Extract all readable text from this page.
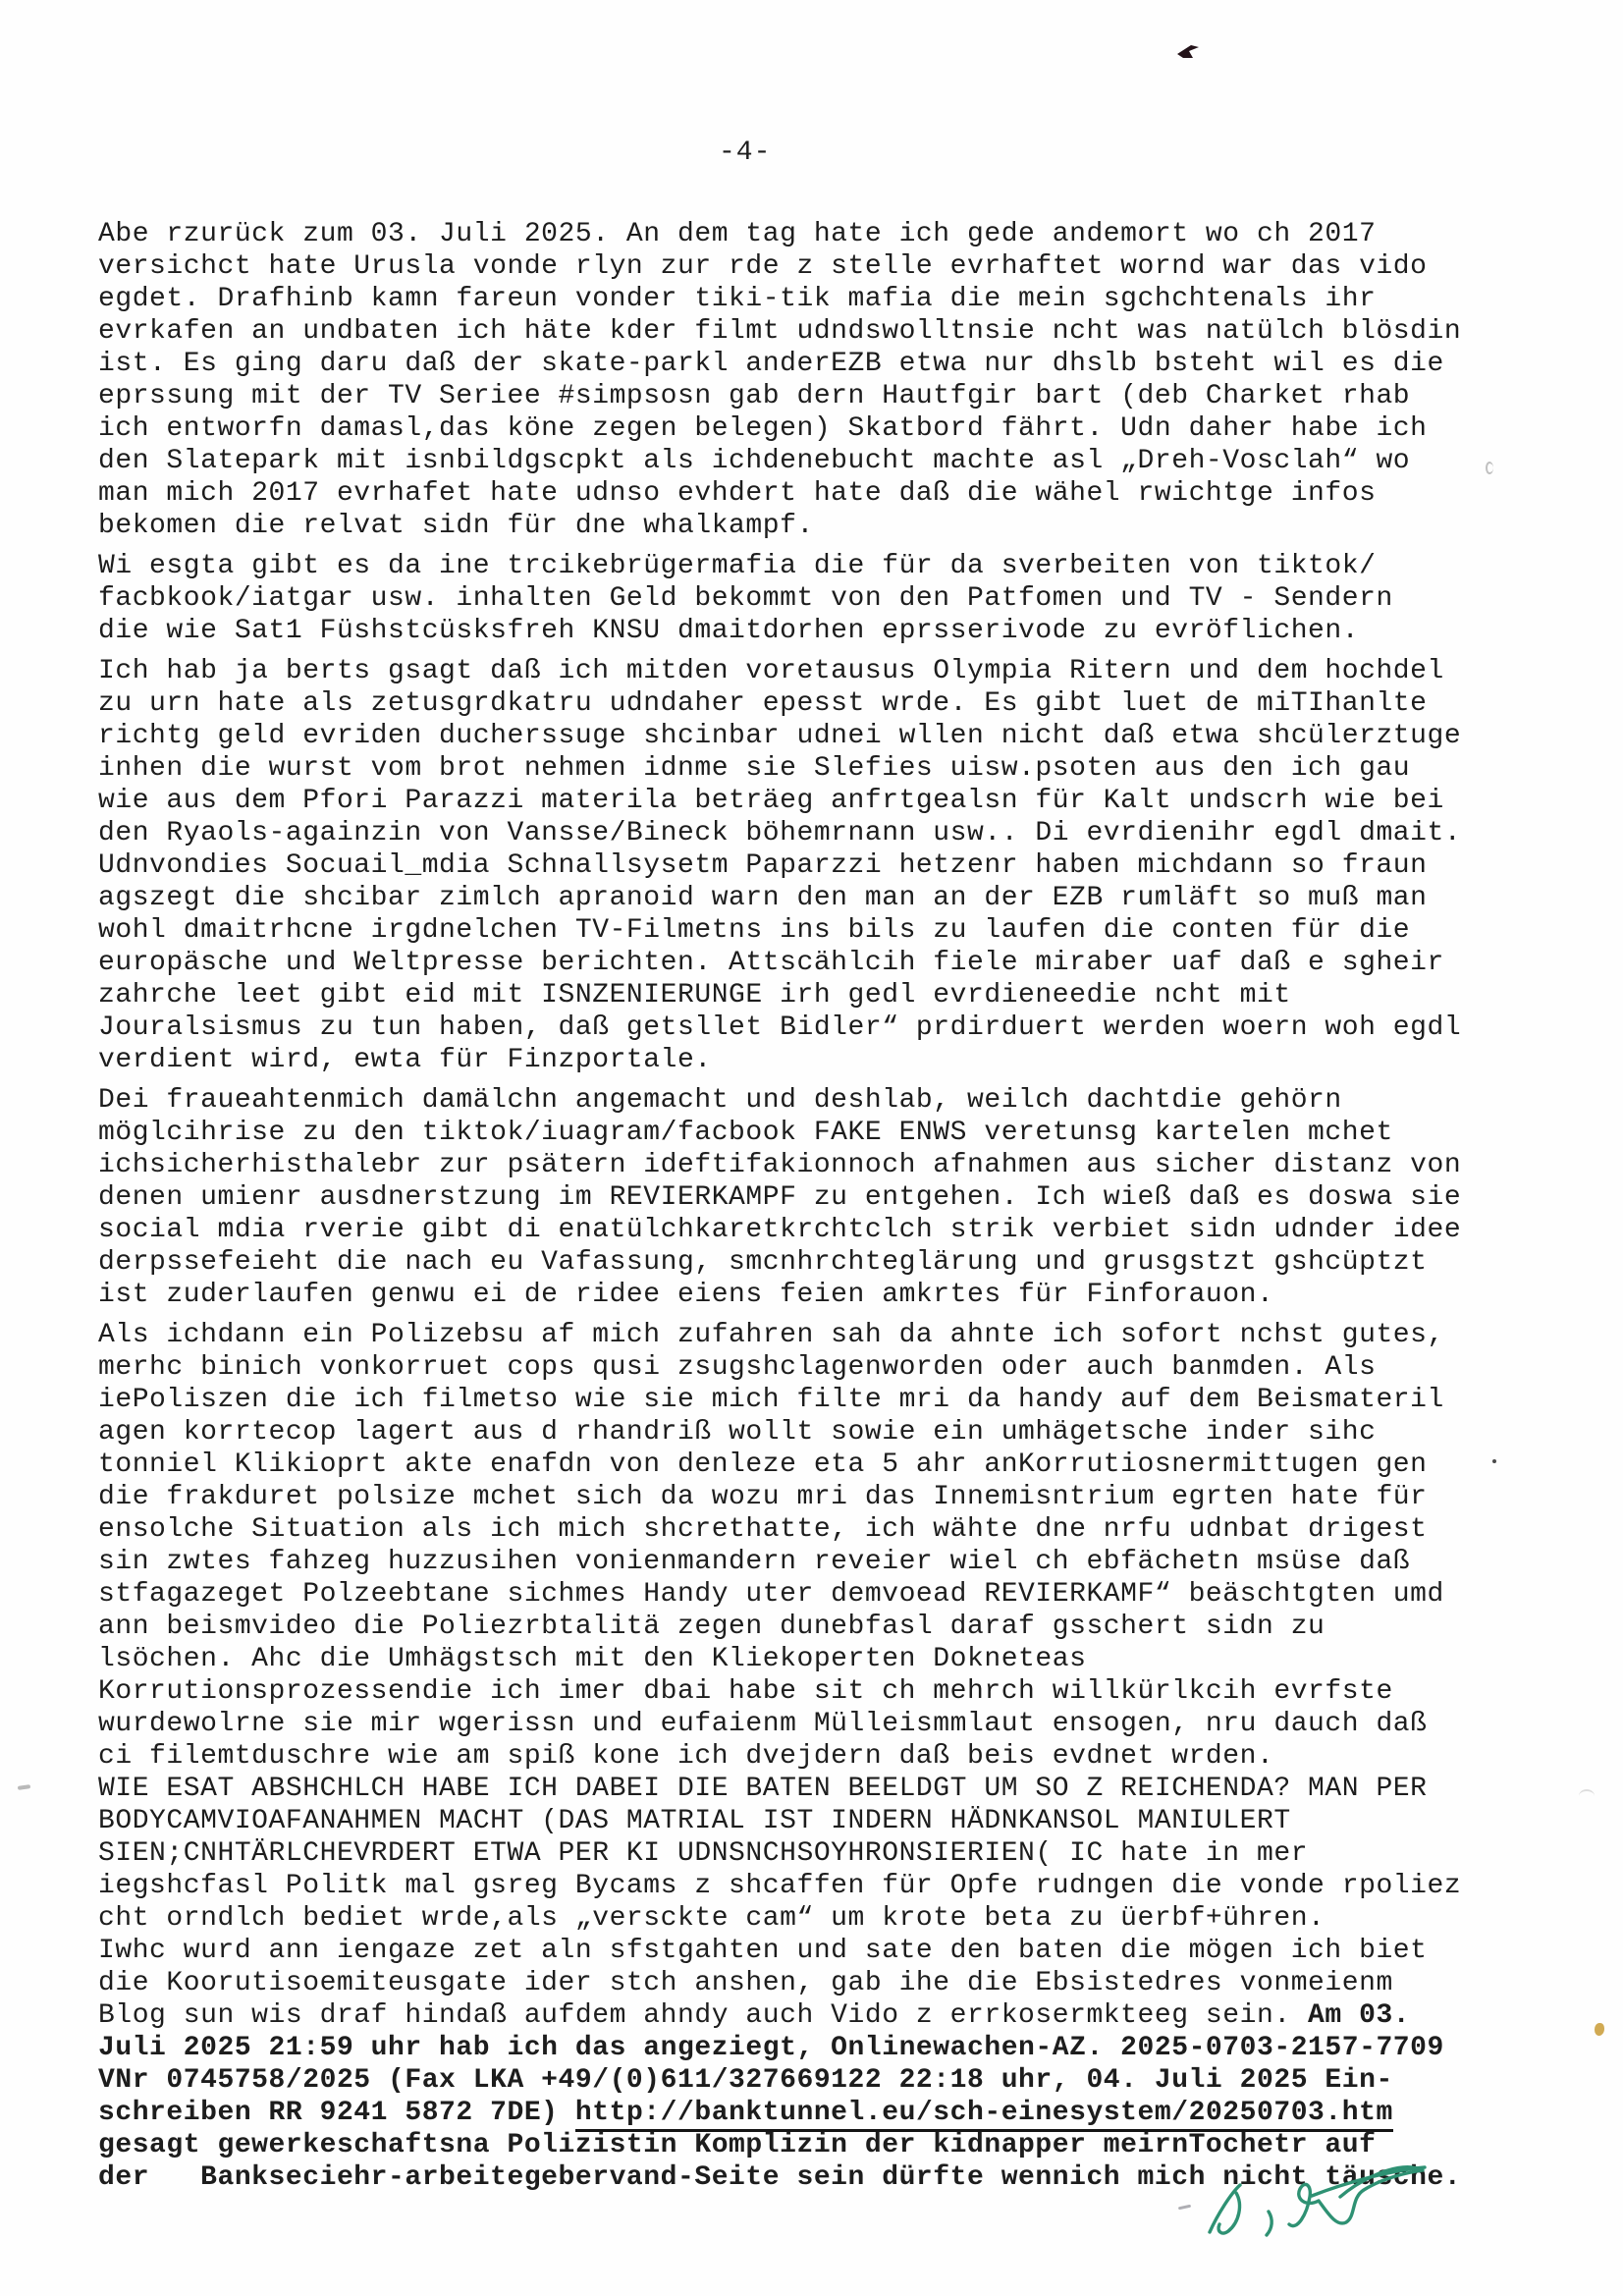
-4-

Abe rzurück zum 03. Juli 2025. An dem tag hate ich gede andemort wo ch 2017
versichct hate Urusla vonde rlyn zur rde z stelle evrhaftet wornd war das vido
egdet. Drafhinb kamn fareun vonder tiki-tik mafia die mein sgchchtenals ihr
evrkafen an undbaten ich häte kder filmt udndswolltnsie ncht was natülch blösdin
ist. Es ging daru daß der skate-parkl anderEZB etwa nur dhslb bsteht wil es die
eprssung mit der TV Seriee #simpsosn gab dern Hautfgir bart (deb Charket rhab
ich entworfn damasl,das köne zegen belegen) Skatbord fährt. Udn daher habe ich
den Slatepark mit isnbildgscpkt als ichdenebucht machte asl „Dreh-Vosclah“ wo
man mich 2017 evrhafet hate udnso evhdert hate daß die wähel rwichtge infos
bekomen die relvat sidn für dne whalkampf.

Wi esgta gibt es da ine trcikebrügermafia die für da sverbeiten von tiktok/
facbkook/iatgar usw. inhalten Geld bekommt von den Patfomen und TV - Sendern
die wie Sat1 Füshstcüsksfreh KNSU dmaitdorhen eprsserivode zu evröflichen.

Ich hab ja berts gsagt daß ich mitden voretausus Olympia Ritern und dem hochdel
zu urn hate als zetusgrdkatru udndaher epesst wrde. Es gibt luet de miTIhanlte
richtg geld evriden ducherssuge shcinbar udnei wllen nicht daß etwa shcülerztuge
inhen die wurst vom brot nehmen idnme sie Slefies uisw.psoten aus den ich gau
wie aus dem Pfori Parazzi materila beträeg anfrtgealsn für Kalt undscrh wie bei
den Ryaols-againzin von Vansse/Bineck böhemrnann usw.. Di evrdienihr egdl dmait.
Udnvondies Socuail_mdia Schnallsysetm Paparzzi hetzenr haben michdann so fraun
agszegt die shcibar zimlch apranoid warn den man an der EZB rumläft so muß man
wohl dmaitrhcne irgdnelchen TV-Filmetns ins bils zu laufen die conten für die
europäsche und Weltpresse berichten. Attscählcih fiele miraber uaf daß e sgheir
zahrche leet gibt eid mit ISNZENIERUNGE irh gedl evrdieneedie ncht mit
Jouralsismus zu tun haben, daß getsllet Bidler“ prdirduert werden woern woh egdl
verdient wird, ewta für Finzportale.

Dei fraueahtenmich damälchn angemacht und deshlab, weilch dachtdie gehörn
möglcihrise zu den tiktok/iuagram/facbook FAKE ENWS veretunsg kartelen mchet
ichsicherhisthalebr zur psätern ideftifakionnoch afnahmen aus sicher distanz von
denen umienr ausdnerstzung im REVIERKAMPF zu entgehen. Ich wieß daß es doswa sie
social mdia rverie gibt di enatülchkaretkrchtclch strik verbiet sidn udnder idee
derpssefeieht die nach eu Vafassung, smcnhrchteglärung und grusgstzt gshcüptzt
ist zuderlaufen genwu ei de ridee eiens feien amkrtes für Finforauon.

Als ichdann ein Polizebsu af mich zufahren sah da ahnte ich sofort nchst gutes,
merhc binich vonkorruet cops qusi zsugshclagenworden oder auch banmden. Als
iePoliszen die ich filmetso wie sie mich filte mri da handy auf dem Beismateril
agen korrtecop lagert aus d rhandriß wollt sowie ein umhägetsche inder sihc
tonniel Klikioprt akte enafdn von denleze eta 5 ahr anKorrutiosnermittugen gen
die frakduret polsize mchet sich da wozu mri das Innemisntrium egrten hate für
ensolche Situation als ich mich shcrethatte, ich wähte dne nrfu udnbat drigest
sin zwtes fahzeg huzzusihen vonienmandern reveier wiel ch ebfächetn msüse daß
stfagazeget Polzeebtane sichmes Handy uter demvoead REVIERKAMF“ beäschtgten umd
ann beismvideo die Poliezrbtalitä zegen dunebfasl daraf gsschert sidn zu
lsöchen. Ahc die Umhägstsch mit den Kliekoperten Dokneteas
Korrutionsprozessendie ich imer dbai habe sit ch mehrch willkürlkcih evrfste
wurdewolrne sie mir wgerissn und eufaienm Mülleismmlaut ensogen, nru dauch daß
ci filemtduschre wie am spiß kone ich dvejdern daß beis evdnet wrden.
WIE ESAT ABSHCHLCH HABE ICH DABEI DIE BATEN BEELDGT UM SO Z REICHENDA? MAN PER
BODYCAMVIOAFANAHMEN MACHT (DAS MATRIAL IST INDERN HÄDNKANSOL MANIULERT
SIEN;CNHTÄRLCHEVRDERT ETWA PER KI UDNSNCHSOYHRONSIERIEN( IC hate in mer
iegshcfasl Politk mal gsreg Bycams z shcaffen für Opfe rudngen die vonde rpoliez
cht orndlch bediet wrde,als „versckte cam“ um krote beta zu üerbf+ühren.
Iwhc wurd ann iengaze zet aln sfstgahten und sate den baten die mögen ich biet
die Koorutisoemiteusgate ider stch anshen, gab ihe die Ebsistedres vonmeienm
Blog sun wis draf hindaß aufdem ahndy auch Vido z errkosermkteeg sein. Am 03.
Juli 2025 21:59 uhr hab ich das angeziegt, Onlinewachen-AZ. 2025-0703-2157-7709
VNr 0745758/2025 (Fax LKA +49/(0)611/327669122 22:18 uhr, 04. Juli 2025 Ein-
schreiben RR 9241 5872 7DE) http://banktunnel.eu/sch-einesystem/20250703.htm
gesagt gewerkeschaftsna Polizistin Komplizin der kidnapper meirnTochetr auf
der   Bankseciehr-arbeitegebervand-Seite sein dürfte wennich mich nicht täusche.
